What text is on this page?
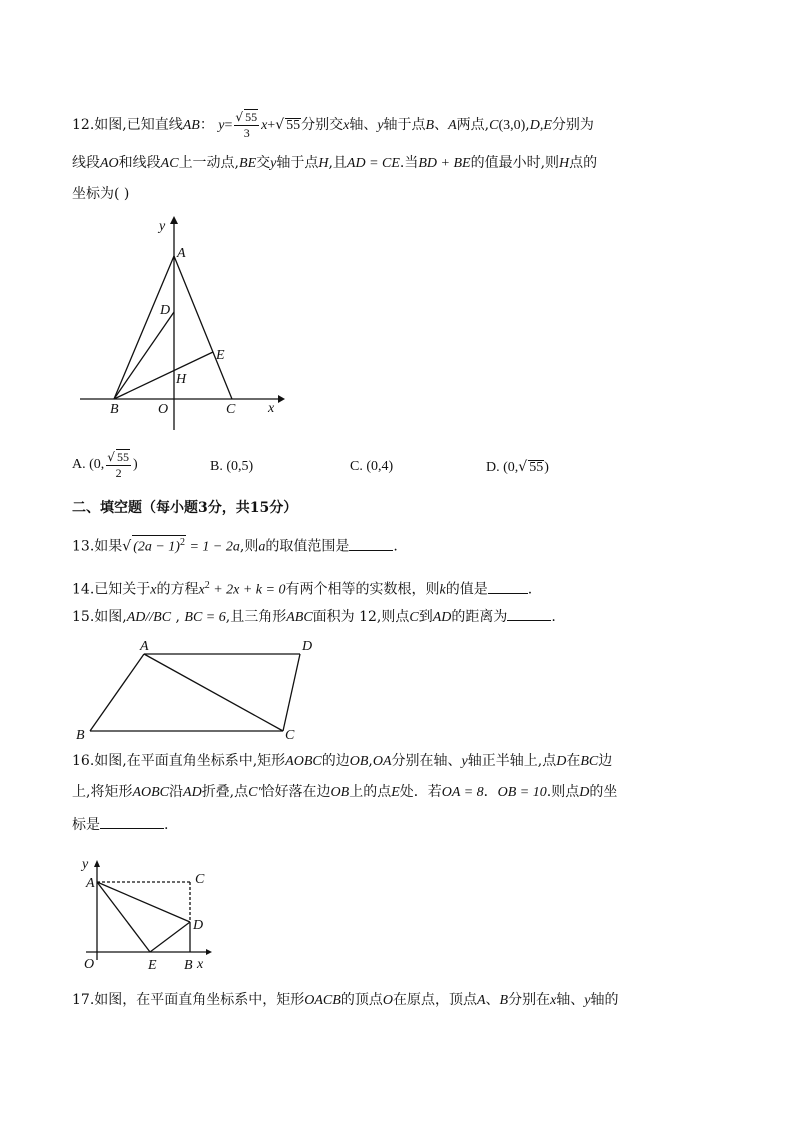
12.如图,已知直线AB： $y= \frac{√ 55}{3} x+√$ 55分别交x轴、y轴于点B、A两点,C(3,0),D,E分别为
线段AO和线段AC上一动点,BE交y轴于点H,且AD = CE.当BD + BE的值最小时,则H点的
坐标为( )
y
A
D
E
H
B	O	C x
A. (0, $\frac{√ 55}{2}$ )	B. (0,5)	C. (0,4)	D. (0,√ 55)
二、填空题（每小题3分，共15分）
13.如果√ $(2a - 1)^2 = 1 - 2a$,则a的取值范围是	.
14.已知关于x的方程$x^2 + 2x + k = 0$有两个相等的实数根，则k的值是	.
15.如图,AD//BC , BC = 6,且三角形ABC面积为 12,则点C到AD的距离为	.
A	D
B	C
16.如图,在平面直角坐标系中,矩形AOBC的边OB,OA分别在轴、y轴正半轴上,点D在BC边
上,将矩形AOBC沿AD折叠,点C′恰好落在边OB上的点E处．若OA = 8．OB = 10.则点D的坐
标是	.
y
A	C
D
O	E B x
17.如图，在平面直角坐标系中，矩形OACB的顶点O在原点，顶点A、B分别在x轴、y轴的
